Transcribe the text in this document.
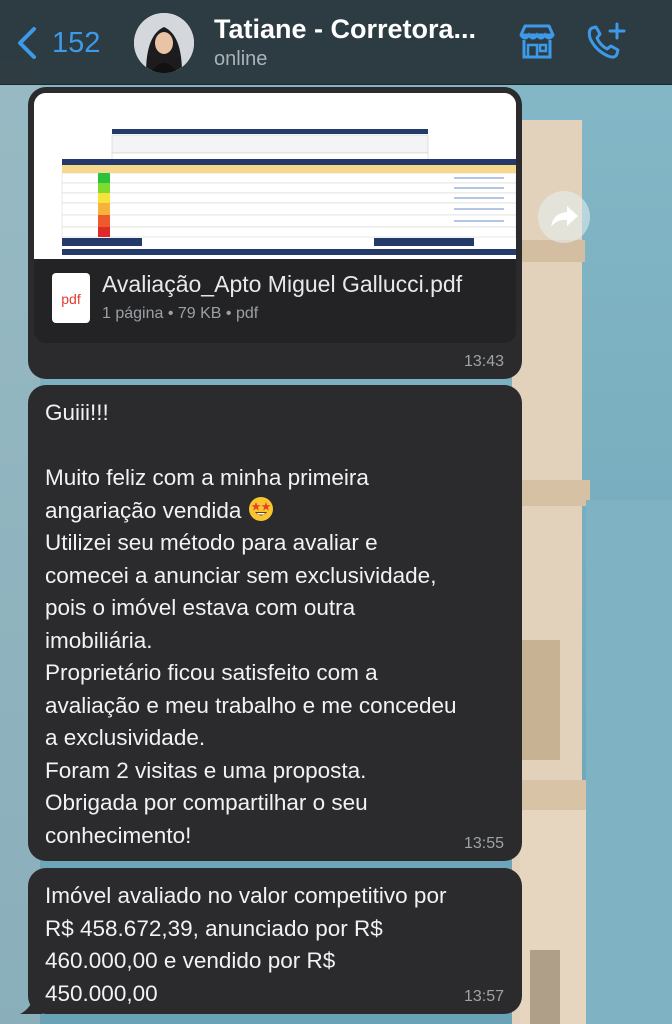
152	Tatiane - Corretora...
online
pdf
Avaliação_Apto Miguel Gallucci.pdf
1 página • 79 KB • pdf
13:43
Guiii!!!

Muito feliz com a minha primeira
angariação vendida
Utilizei seu método para avaliar e
comecei a anunciar sem exclusividade,
pois o imóvel estava com outra
imobiliária.
Proprietário ficou satisfeito com a
avaliação e meu trabalho e me concedeu
a exclusividade.
Foram 2 visitas e uma proposta.
Obrigada por compartilhar o seu
conhecimento!	13:55
Imóvel avaliado no valor competitivo por
R$ 458.672,39, anunciado por R$
460.000,00 e vendido por R$
450.000,00	13:57
